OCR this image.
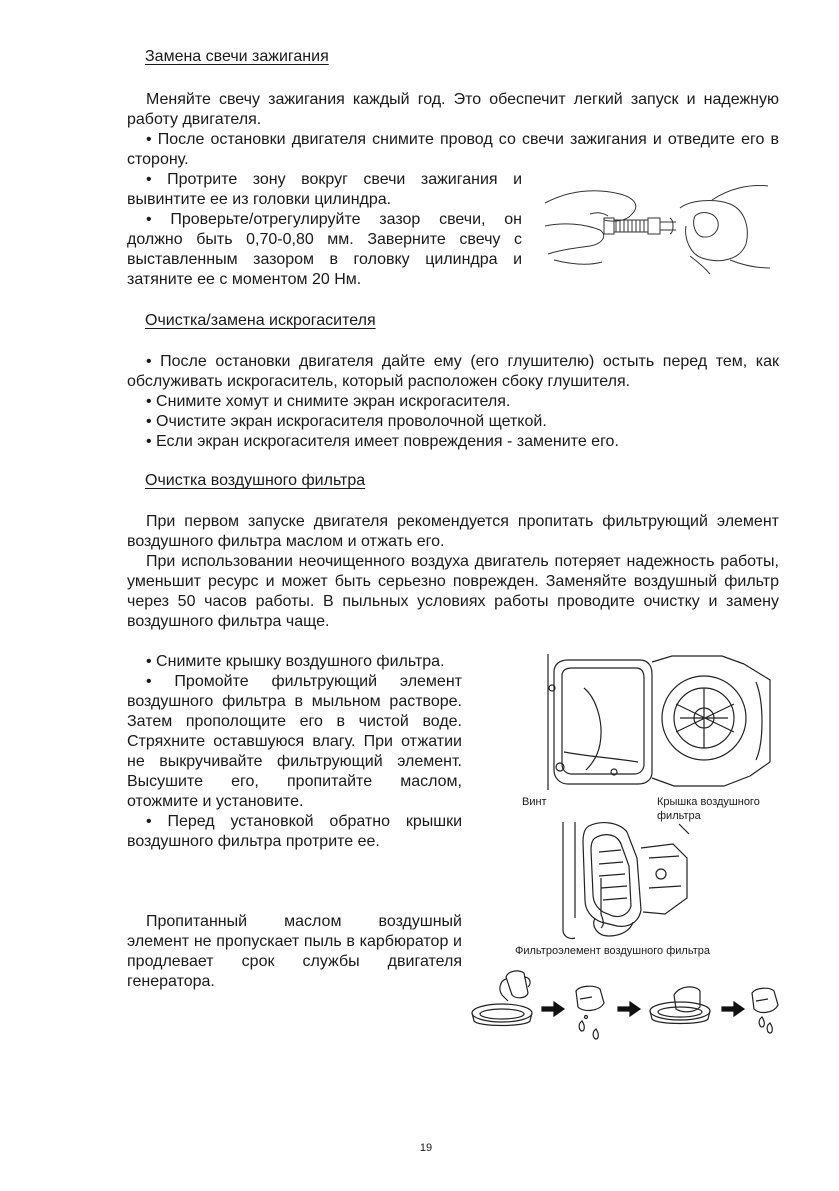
Замена свечи зажигания
Меняйте свечу зажигания каждый год. Это обеспечит легкий запуск и надежную работу двигателя.
• После остановки двигателя снимите провод со свечи зажигания и отведите его в сторону.
• Протрите зону вокруг свечи зажигания и вывинтите ее из головки цилиндра.
• Проверьте/отрегулируйте зазор свечи, он должно быть 0,70-0,80 мм. Заверните свечу с выставленным зазором в головку цилиндра и затяните ее с моментом 20 Нм.
Очистка/замена искрогасителя
• После остановки двигателя дайте ему (его глушителю) остыть перед тем, как обслуживать искрогаситель, который расположен сбоку глушителя.
• Снимите хомут и снимите экран искрогасителя.
• Очистите экран искрогасителя проволочной щеткой.
• Если экран искрогасителя имеет повреждения - замените его.
Очистка воздушного фильтра
При первом запуске двигателя рекомендуется пропитать фильтрующий элемент воздушного фильтра маслом и отжать его.
При использовании неочищенного воздуха двигатель потеряет надежность работы, уменьшит ресурс и может быть серьезно поврежден. Заменяйте воздушный фильтр через 50 часов работы. В пыльных условиях работы проводите очистку и замену воздушного фильтра чаще.
• Снимите крышку воздушного фильтра.
• Промойте фильтрующий элемент воздушного фильтра в мыльном растворе. Затем прополощите его в чистой воде. Стряхните оставшуюся влагу. При отжатии не выкручивайте фильтрующий элемент. Высушите его, пропитайте маслом, отожмите и установите.
• Перед установкой обратно крышки воздушного фильтра протрите ее.
Пропитанный маслом воздушный элемент не пропускает пыль в карбюратор и продлевает срок службы двигателя генератора.
Винт	Крышка воздушного фильтра
Фильтроэлемент воздушного фильтра
19
